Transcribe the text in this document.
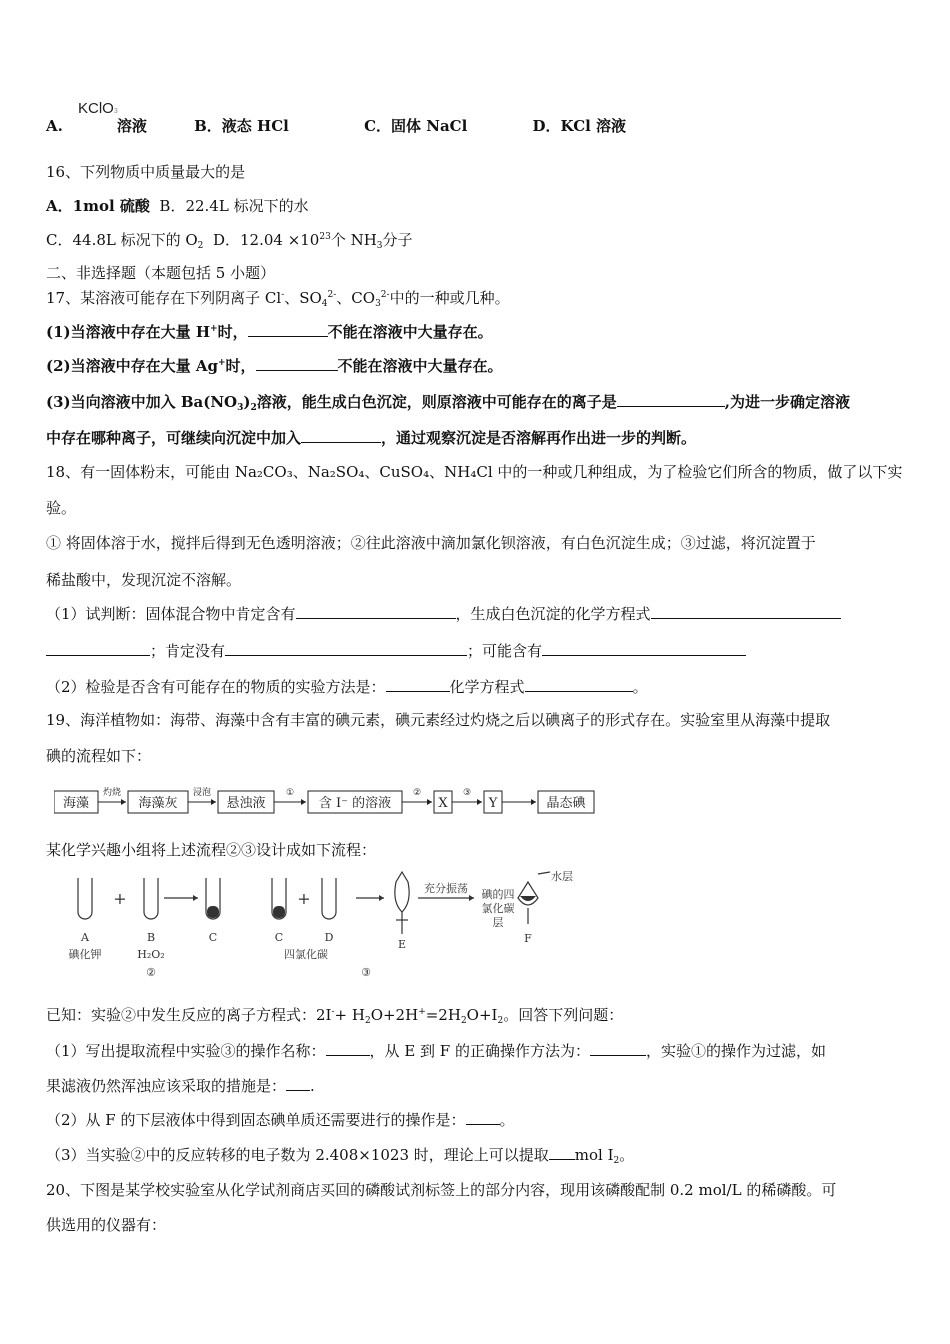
KClO3
A.	溶液	B．液态 HCl	C．固体 NaCl	D．KCl 溶液
16、下列物质中质量最大的是
A．1mol 硫酸 B．22.4L 标况下的水
C．44.8L 标况下的 $O_2$ D．$12.04 \times 10^{23}$个 $NH_3$分子
二、非选择题（本题包括 5 小题）
17、某溶液可能存在下列阴离子 Cl-、$SO_4^{2-}$、$CO_3^{2-}$中的一种或几种。
(1)当溶液中存在大量 H+时，	不能在溶液中大量存在。
(2)当溶液中存在大量 Ag+时，	不能在溶液中大量存在。
(3)当向溶液中加入 $Ba(NO_3)_2$溶液，能生成白色沉淀，则原溶液中可能存在的离子是	,为进一步确定溶液
中存在哪种离子，可继续向沉淀中加入	，通过观察沉淀是否溶解再作出进一步的判断。
18、有一固体粉末，可能由 Na₂CO₃、Na₂SO₄、CuSO₄、NH₄Cl 中的一种或几种组成，为了检验它们所含的物质，做了以下实
验。
① 将固体溶于水，搅拌后得到无色透明溶液；②往此溶液中滴加氯化钡溶液，有白色沉淀生成；③过滤，将沉淀置于
稀盐酸中，发现沉淀不溶解。
（1）试判断：固体混合物中肯定含有	，生成白色沉淀的化学方程式
；肯定没有	；可能含有
（2）检验是否含有可能存在的物质的实验方法是：	化学方程式	。
19、海洋植物如：海带、海藻中含有丰富的碘元素，碘元素经过灼烧之后以碘离子的形式存在。实验室里从海藻中提取
碘的流程如下：
海藻	海藻灰	悬浊液	含 I⁻ 的溶液	X	Y	晶态碘
灼烧	浸泡	①	②	③
某化学兴趣小组将上述流程②③设计成如下流程：
+	+
A
碘化钾
B
H₂O₂
C
②
C	D
四氯化碳
③
E
充分振荡 碘的四
氯化碳
层
水层
F
已知：实验②中发生反应的离子方程式：$2I^-+ H_2O+2H^+=2H_2O+I_2$。回答下列问题：
（1）写出提取流程中实验③的操作名称：	，从 E 到 F 的正确操作方法为：	，实验①的操作为过滤，如
果滤液仍然浑浊应该采取的措施是： .
（2）从 F 的下层液体中得到固态碘单质还需要进行的操作是： 。
（3）当实验②中的反应转移的电子数为 2.408×1023 时，理论上可以提取 mol $I_2$。
20、下图是某学校实验室从化学试剂商店买回的磷酸试剂标签上的部分内容，现用该磷酸配制 0.2 mol/L 的稀磷酸。可
供选用的仪器有：
